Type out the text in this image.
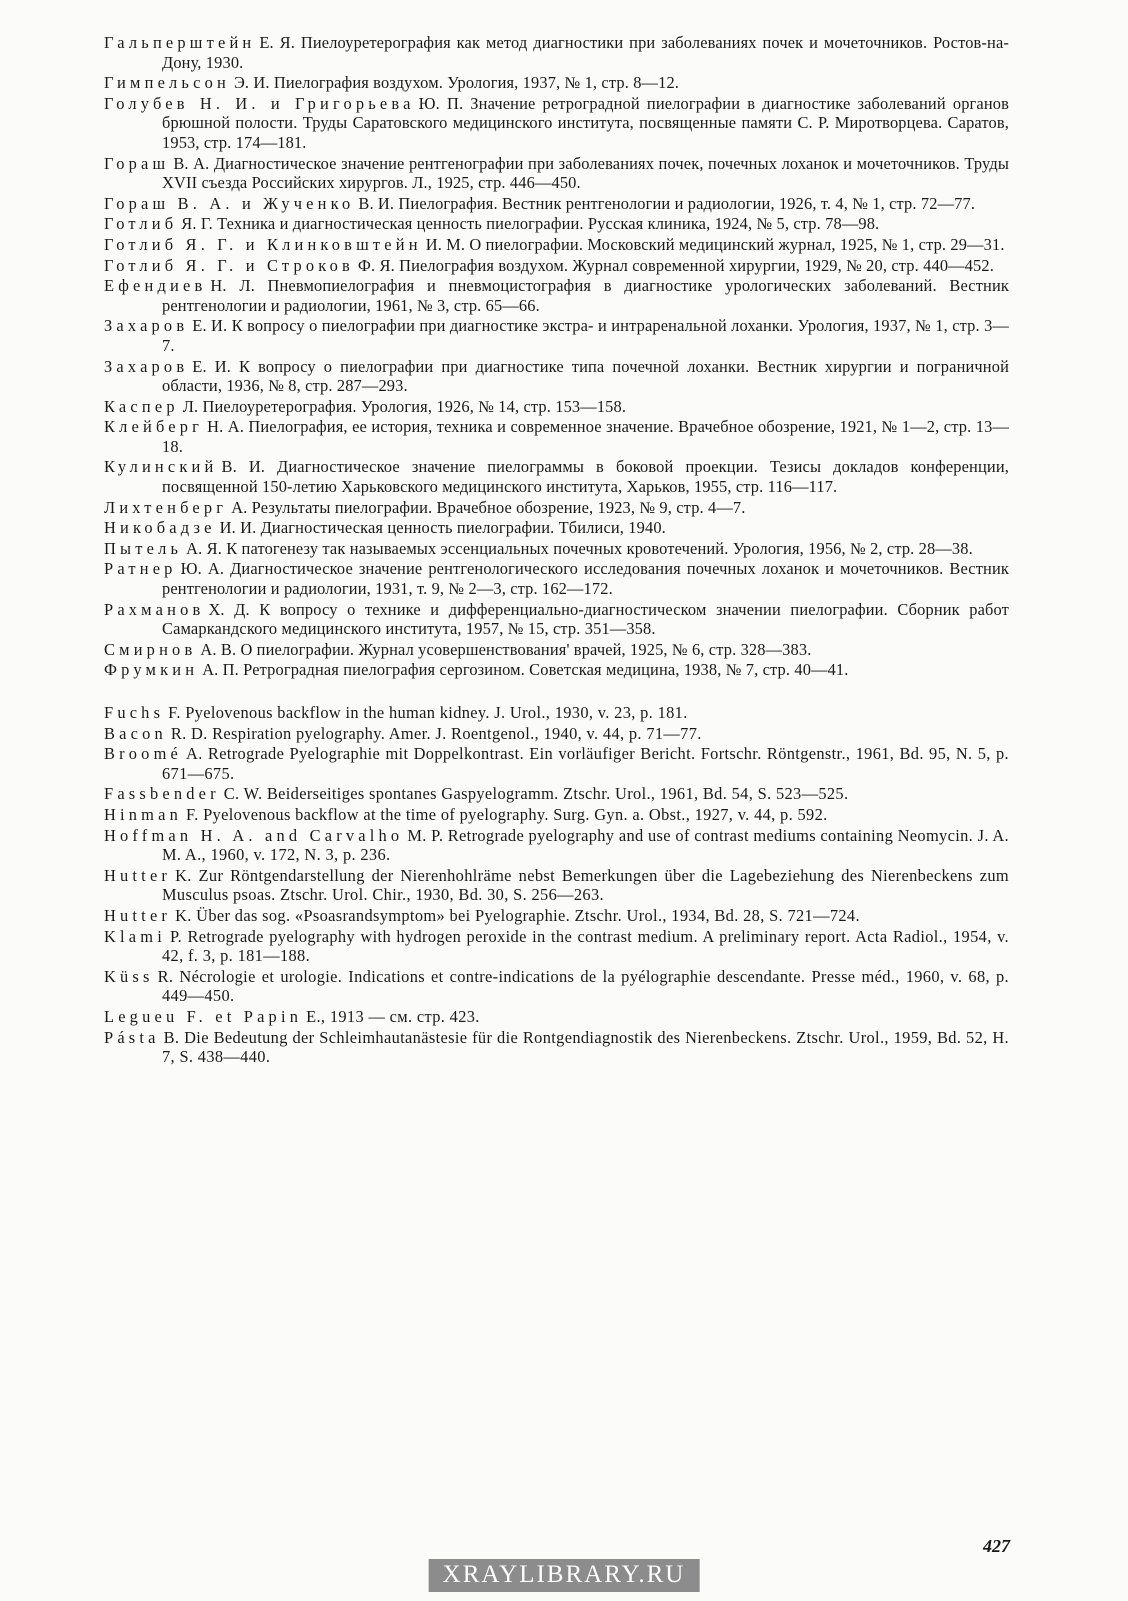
Гальперштейн Е. Я. Пиелоуретерография как метод диагностики при заболеваниях почек и мочеточников. Ростов-на-Дону, 1930.
Гимпельсон Э. И. Пиелография воздухом. Урология, 1937, № 1, стр. 8—12.
Голубев Н. И. и Григорьева Ю. П. Значение ретроградной пиелографии в диагностике заболеваний органов брюшной полости. Труды Саратовского медицинского института, посвященные памяти С. Р. Миротворцева. Саратов, 1953, стр. 174—181.
Гораш В. А. Диагностическое значение рентгенографии при заболеваниях почек, почечных лоханок и мочеточников. Труды XVII съезда Российских хирургов. Л., 1925, стр. 446—450.
Гораш В. А. и Жученко В. И. Пиелография. Вестник рентгенологии и радиологии, 1926, т. 4, № 1, стр. 72—77.
Готлиб Я. Г. Техника и диагностическая ценность пиелографии. Русская клиника, 1924, № 5, стр. 78—98.
Готлиб Я. Г. и Клинковштейн И. М. О пиелографии. Московский медицинский журнал, 1925, № 1, стр. 29—31.
Готлиб Я. Г. и Строков Ф. Я. Пиелография воздухом. Журнал современной хирургии, 1929, № 20, стр. 440—452.
Ефендиев Н. Л. Пневмопиелография и пневмоцистография в диагностике урологических заболеваний. Вестник рентгенологии и радиологии, 1961, № 3, стр. 65—66.
Захаров Е. И. К вопросу о пиелографии при диагностике экстра- и интраренальной лоханки. Урология, 1937, № 1, стр. 3—7.
Захаров Е. И. К вопросу о пиелографии при диагностике типа почечной лоханки. Вестник хирургии и пограничной области, 1936, № 8, стр. 287—293.
Каспер Л. Пиелоуретерография. Урология, 1926, № 14, стр. 153—158.
Клейберг Н. А. Пиелография, ее история, техника и современное значение. Врачебное обозрение, 1921, № 1—2, стр. 13—18.
Кулинский В. И. Диагностическое значение пиелограммы в боковой проекции. Тезисы докладов конференции, посвященной 150-летию Харьковского медицинского института, Харьков, 1955, стр. 116—117.
Лихтенберг А. Результаты пиелографии. Врачебное обозрение, 1923, № 9, стр. 4—7.
Никобадзе И. И. Диагностическая ценность пиелографии. Тбилиси, 1940.
Пытель А. Я. К патогенезу так называемых эссенциальных почечных кровотечений. Урология, 1956, № 2, стр. 28—38.
Ратнер Ю. А. Диагностическое значение рентгенологического исследования почечных лоханок и мочеточников. Вестник рентгенологии и радиологии, 1931, т. 9, № 2—3, стр. 162—172.
Рахманов Х. Д. К вопросу о технике и дифференциально-диагностическом значении пиелографии. Сборник работ Самаркандского медицинского института, 1957, № 15, стр. 351—358.
Смирнов А. В. О пиелографии. Журнал усовершенствования' врачей, 1925, № 6, стр. 328—383.
Фрумкин А. П. Ретроградная пиелография сергозином. Советская медицина, 1938, № 7, стр. 40—41.
Fuchs F. Pyelovenous backflow in the human kidney. J. Urol., 1930, v. 23, p. 181.
Bacon R. D. Respiration pyelography. Amer. J. Roentgenol., 1940, v. 44, p. 71—77.
Broomé A. Retrograde Pyelographie mit Doppelkontrast. Ein vorläufiger Bericht. Fortschr. Röntgenstr., 1961, Bd. 95, N. 5, p. 671—675.
Fassbender C. W. Beiderseitiges spontanes Gaspyelogramm. Ztschr. Urol., 1961, Bd. 54, S. 523—525.
Hinman F. Pyelovenous backflow at the time of pyelography. Surg. Gyn. a. Obst., 1927, v. 44, p. 592.
Hoffman H. A. and Carvalho M. P. Retrograde pyelography and use of contrast mediums containing Neomycin. J. A. M. A., 1960, v. 172, N. 3, p. 236.
Hutter K. Zur Röntgendarstellung der Nierenhohlräme nebst Bemerkungen über die Lagebeziehung des Nierenbeckens zum Musculus psoas. Ztschr. Urol. Chir., 1930, Bd. 30, S. 256—263.
Hutter K. Über das sog. «Psoasrandsymptom» bei Pyelographie. Ztschr. Urol., 1934, Bd. 28, S. 721—724.
Klami P. Retrograde pyelography with hydrogen peroxide in the contrast medium. A preliminary report. Acta Radiol., 1954, v. 42, f. 3, p. 181—188.
Küss R. Nécrologie et urologie. Indications et contre-indications de la pyélographie descendante. Presse méd., 1960, v. 68, p. 449—450.
Legueu F. et Papin E., 1913 — см. стр. 423.
Pásta B. Die Bedeutung der Schleimhautanästesie für die Rontgendiagnostik des Nierenbeckens. Ztschr. Urol., 1959, Bd. 52, H. 7, S. 438—440.
427
XRAYLIBRARY.RU
